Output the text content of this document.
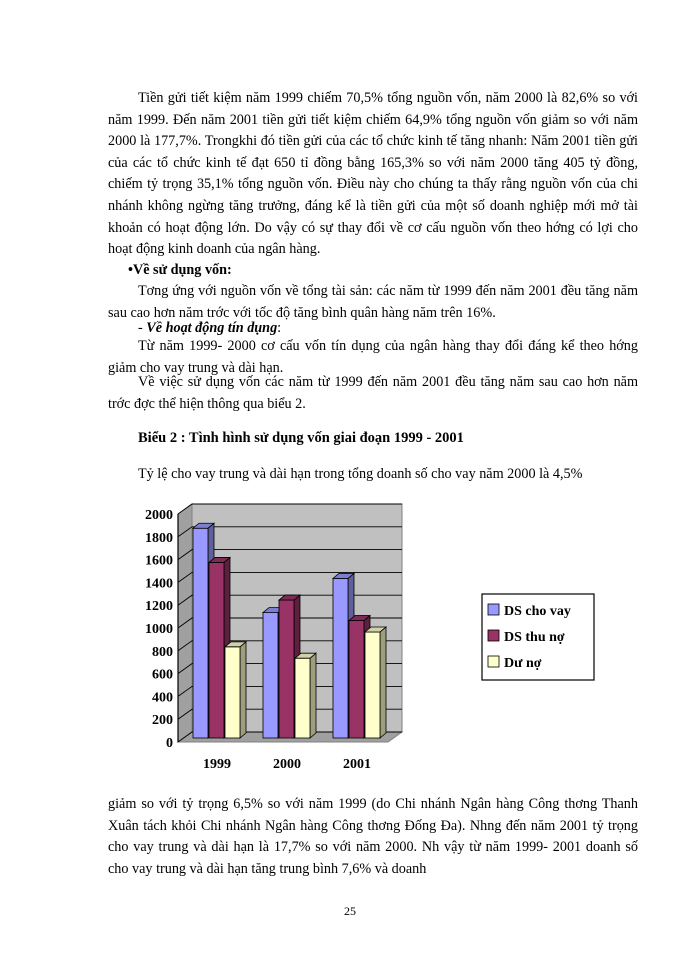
Tiền gửi tiết kiệm năm 1999 chiếm 70,5% tổng nguồn vốn, năm 2000 là 82,6% so với năm 1999. Đến năm 2001 tiền gửi tiết kiệm chiếm 64,9% tổng nguồn vốn giảm so với năm 2000 là 177,7%. Trongkhi đó tiền gửi của các tổ chức kinh tế tăng nhanh: Năm 2001 tiền gửi của các tổ chức kinh tế đạt 650 tỉ đồng bằng 165,3% so với năm 2000 tăng 405 tỷ đồng, chiếm tỷ trọng 35,1% tổng nguồn vốn. Điều này cho chúng ta thấy rằng nguồn vốn của chi nhánh không ngừng tăng trưởng, đáng kể là tiền gửi của một số doanh nghiệp mới mở tài khoản có hoạt động lớn. Do vậy có sự thay đổi về cơ cấu nguồn vốn theo hớng có lợi cho hoạt động kinh doanh của ngân hàng.

•Về sử dụng vốn:

Tơng ứng với nguồn vốn về tổng tài sản: các năm từ 1999 đến năm 2001 đều tăng năm sau cao hơn năm trớc với tốc độ tăng bình quân hàng năm trên 16%.

- Về hoạt động tín dụng:

Từ năm 1999- 2000 cơ cấu vốn tín dụng của ngân hàng thay đổi đáng kể theo hớng giảm cho vay trung và dài hạn.

Về việc sử dụng vốn các năm từ 1999 đến năm 2001 đều tăng năm sau cao hơn năm trớc đợc thể hiện thông qua biểu 2.

Biểu 2 : Tình hình sử dụng vốn giai đoạn 1999 - 2001

Tỷ lệ cho vay trung và dài hạn trong tổng doanh số cho vay năm 2000 là 4,5%

0
200
400
600
800
1000
1200
1400
1600
1800
2000
1999	2000	2001
DS cho vay
DS thu nợ
Dư nợ

giảm so với tỷ trọng 6,5% so với năm 1999 (do Chi nhánh Ngân hàng Công thơng Thanh Xuân tách khỏi Chi nhánh Ngân hàng Công thơng Đống Đa). Nhng đến năm 2001 tỷ trọng cho vay trung và dài hạn là 17,7% so với năm 2000. Nh vậy từ năm 1999- 2001 doanh số cho vay trung và dài hạn tăng trung bình 7,6% và doanh

25
